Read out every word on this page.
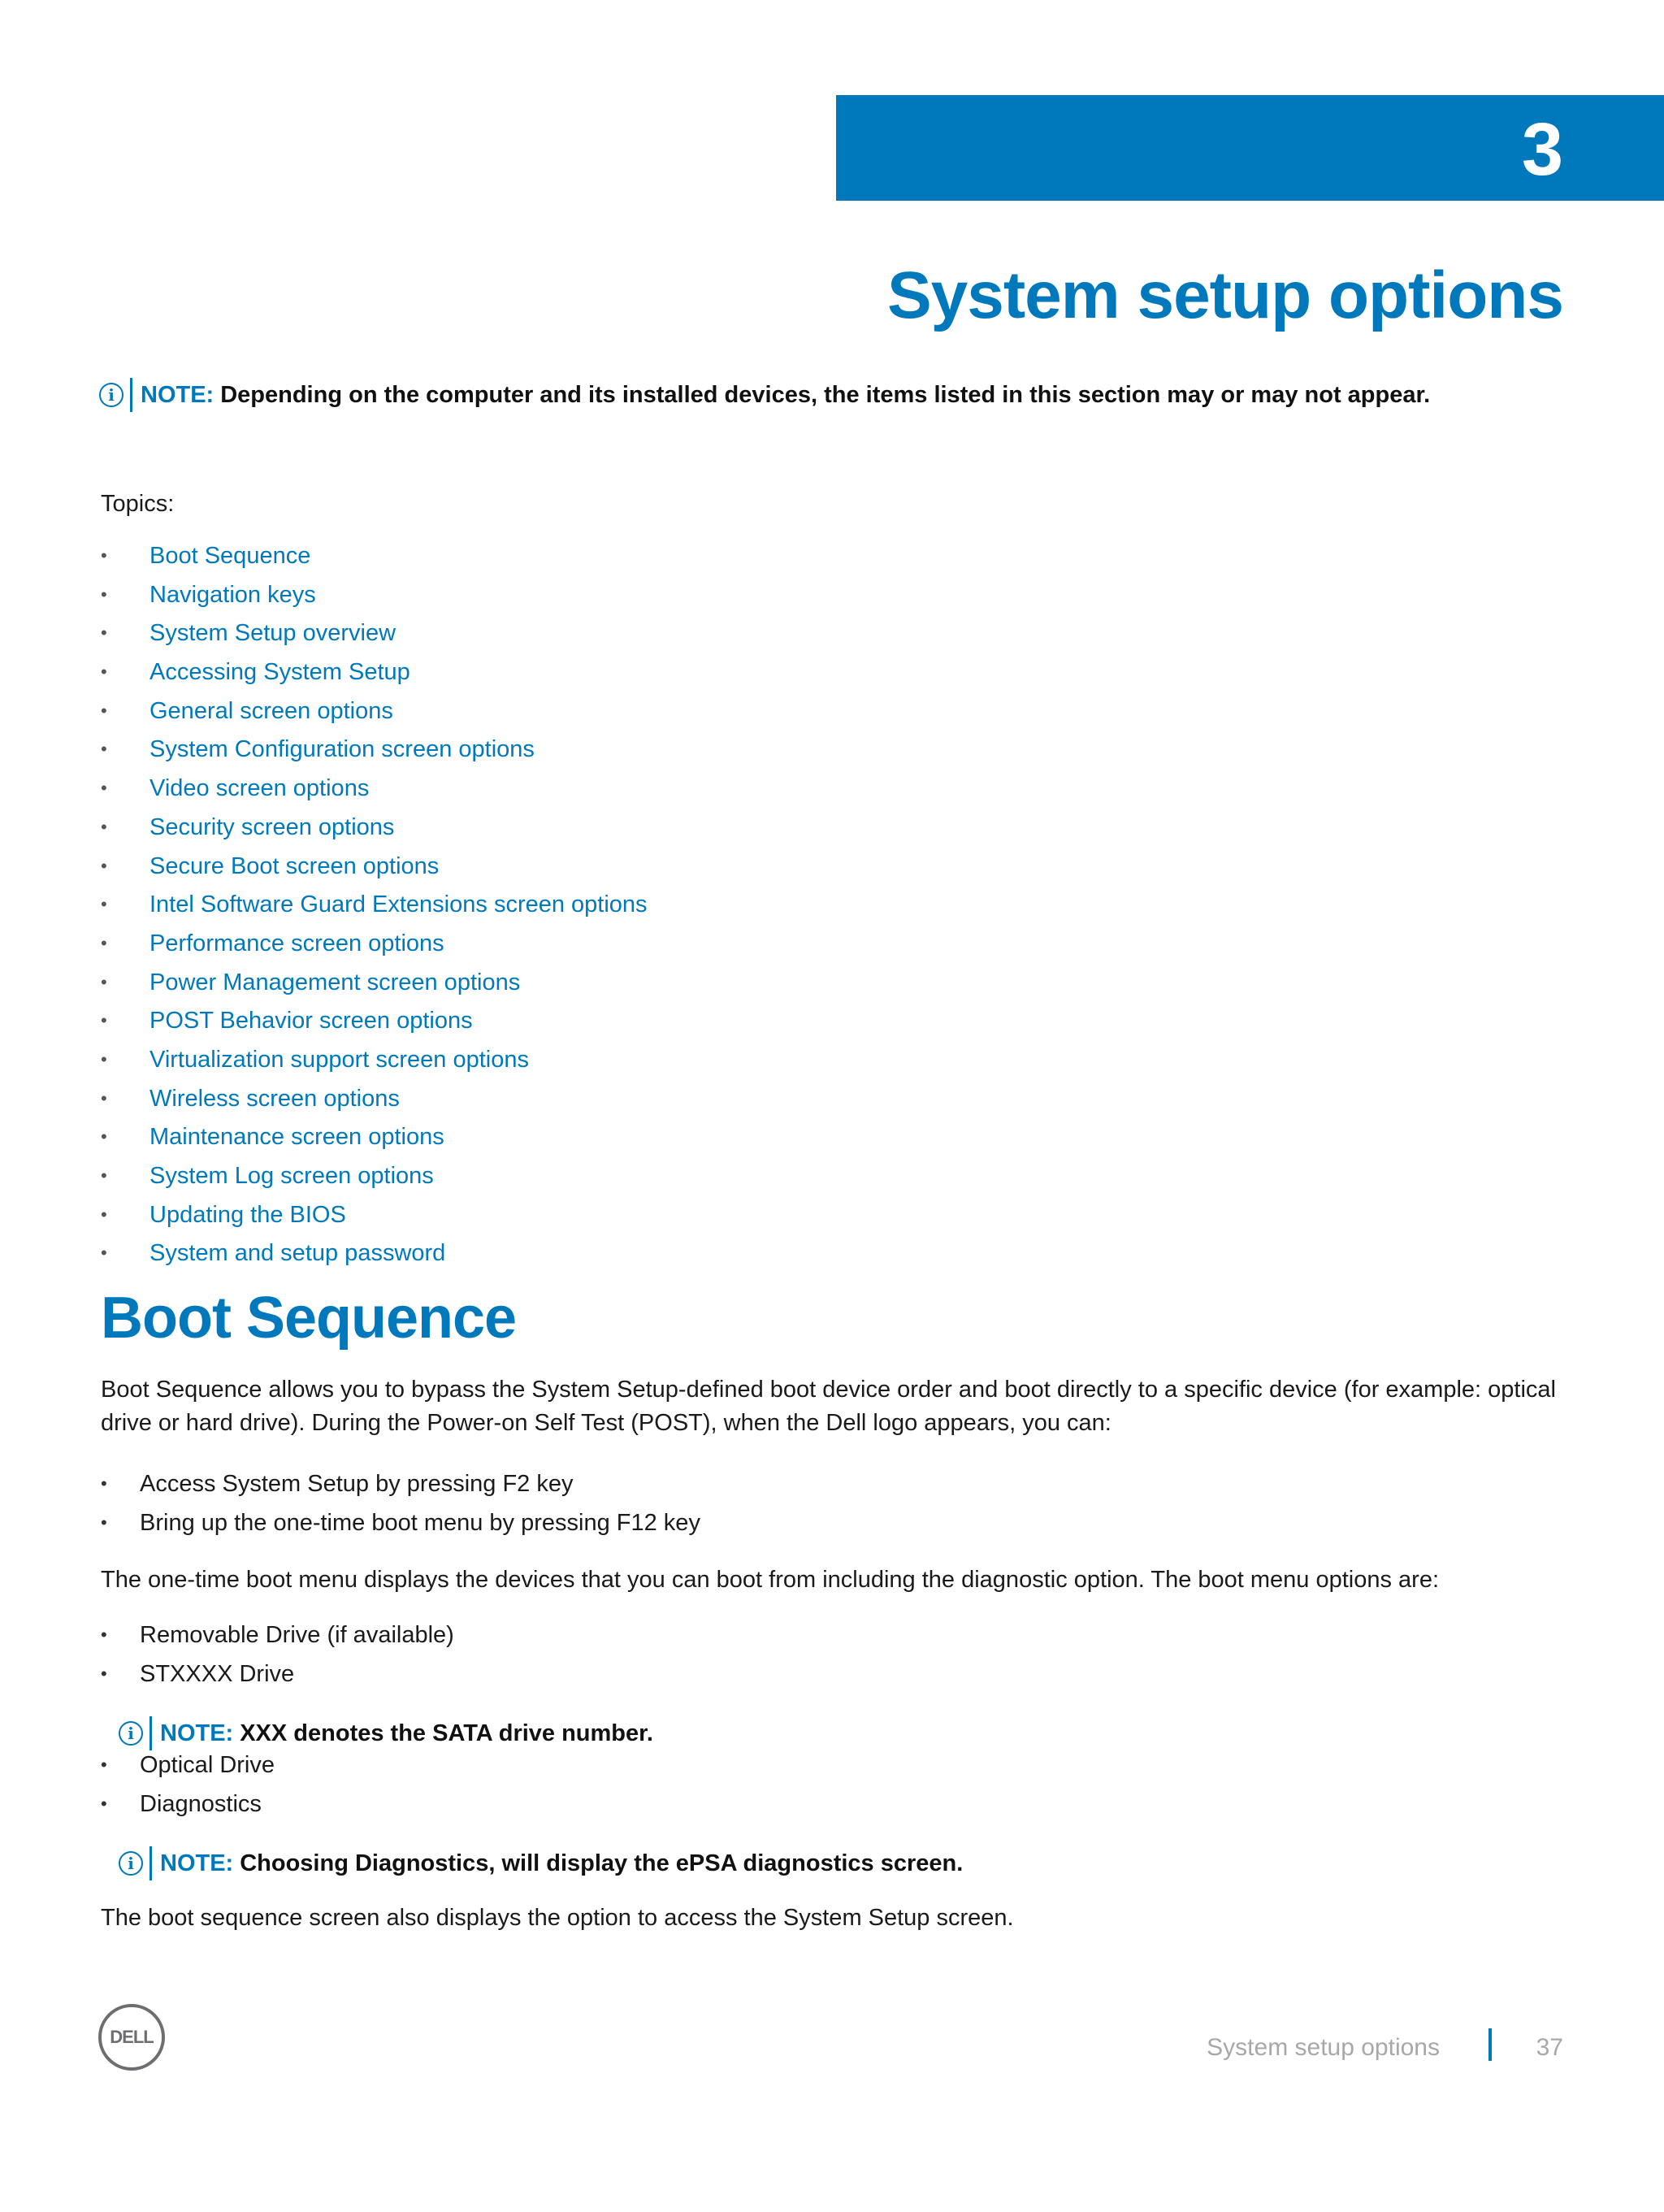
3
System setup options
i	NOTE: Depending on the computer and its installed devices, the items listed in this section may or may not appear.
Topics:
• Boot Sequence
• Navigation keys
• System Setup overview
• Accessing System Setup
• General screen options
• System Configuration screen options
• Video screen options
• Security screen options
• Secure Boot screen options
• Intel Software Guard Extensions screen options
• Performance screen options
• Power Management screen options
• POST Behavior screen options
• Virtualization support screen options
• Wireless screen options
• Maintenance screen options
• System Log screen options
• Updating the BIOS
• System and setup password
Boot Sequence

Boot Sequence allows you to bypass the System Setup-defined boot device order and boot directly to a specific device (for example: optical drive or hard drive). During the Power-on Self Test (POST), when the Dell logo appears, you can:

• Access System Setup by pressing F2 key
• Bring up the one-time boot menu by pressing F12 key

The one-time boot menu displays the devices that you can boot from including the diagnostic option. The boot menu options are:

• Removable Drive (if available)
• STXXXX Drive
i	NOTE: XXX denotes the SATA drive number.
• Optical Drive
• Diagnostics
i	NOTE: Choosing Diagnostics, will display the ePSA diagnostics screen.

The boot sequence screen also displays the option to access the System Setup screen.

DELL	System setup options	37
